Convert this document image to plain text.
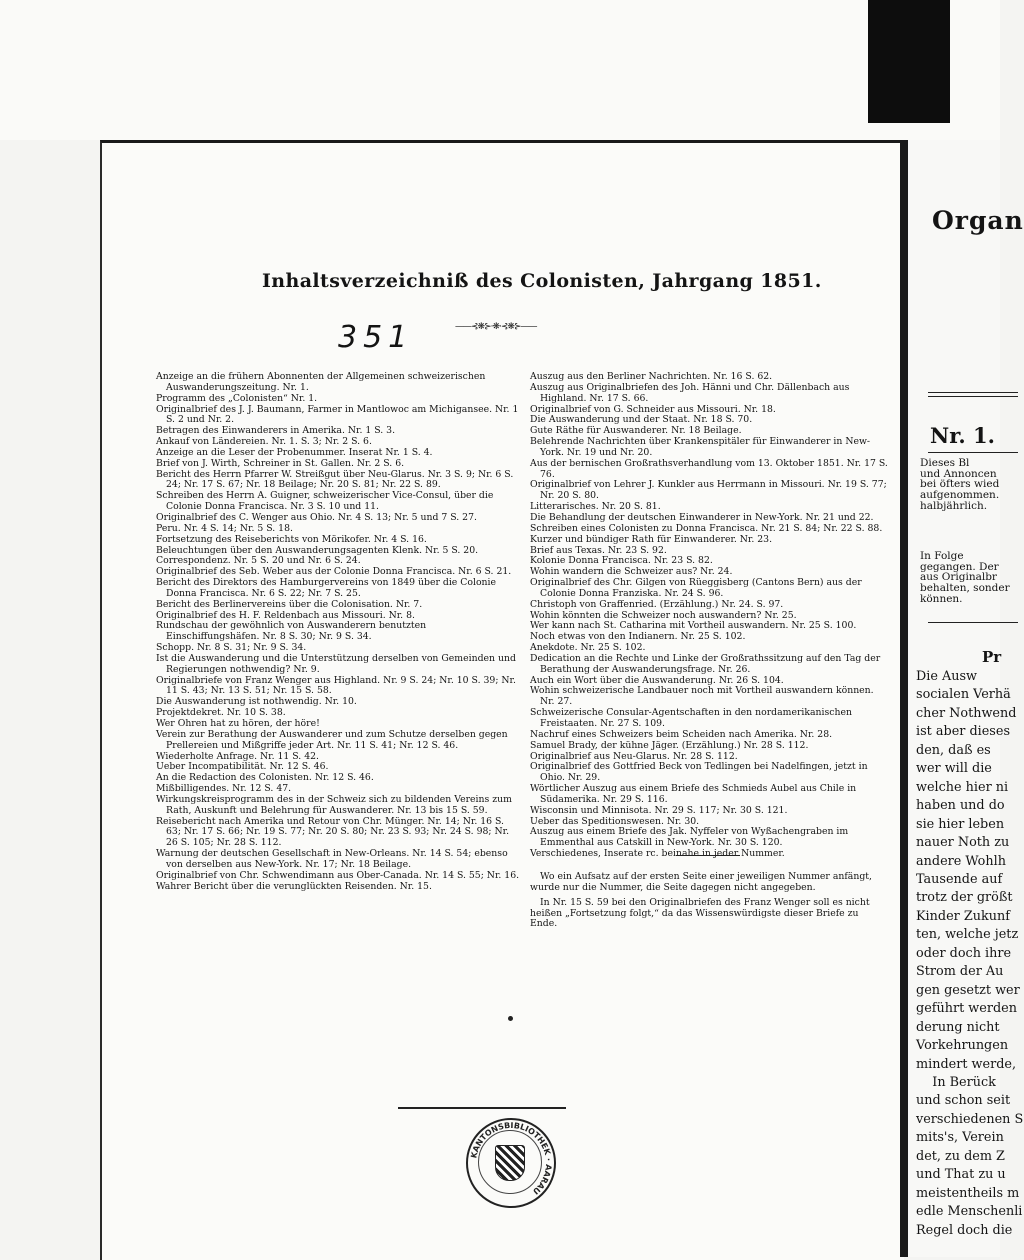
Organ
Nr. 1.
Dieses Bl
und Annoncen
bei öfters wied
aufgenommen.
halbjährlich.
In Folge
gegangen. Der
aus Originalbr
behalten, sonder
können.
Pr
Die Ausw
socialen Verhä
cher Nothwend
ist aber dieses
den, daß es
wer will die
welche hier ni
haben und do
sie hier leben
nauer Noth zu
andere Wohlh
Tausende auf
trotz der größt
Kinder Zukunf
ten, welche jetz
oder doch ihre
Strom der Au
gen gesetzt wer
geführt werden
derung nicht
Vorkehrungen
mindert werde,
In Berück
und schon seit
verschiedenen S
mits's, Verein
det, zu dem Z
und That zu u
meistentheils m
edle Menschenli
Regel doch die
Inhaltsverzeichniß des Colonisten, Jahrgang 1851.
351	——⊰❋⊱·❋·⊰❋⊱——
Anzeige an die frühern Abonnenten der Allgemeinen schweizerischen Auswanderungszeitung. Nr. 1.
Programm des „Colonisten“ Nr. 1.
Originalbrief des J. J. Baumann, Farmer in Mantlowoc am Michigansee. Nr. 1 S. 2 und Nr. 2.
Betragen des Einwanderers in Amerika. Nr. 1 S. 3.
Ankauf von Ländereien. Nr. 1. S. 3; Nr. 2 S. 6.
Anzeige an die Leser der Probenummer. Inserat Nr. 1 S. 4.
Brief von J. Wirth, Schreiner in St. Gallen. Nr. 2 S. 6.
Bericht des Herrn Pfarrer W. Streißgut über Neu-Glarus. Nr. 3 S. 9; Nr. 6 S. 24; Nr. 17 S. 67; Nr. 18 Beilage; Nr. 20 S. 81; Nr. 22 S. 89.
Schreiben des Herrn A. Guigner, schweizerischer Vice-Consul, über die Colonie Donna Francisca. Nr. 3 S. 10 und 11.
Originalbrief des C. Wenger aus Ohio. Nr. 4 S. 13; Nr. 5 und 7 S. 27.
Peru. Nr. 4 S. 14; Nr. 5 S. 18.
Fortsetzung des Reiseberichts von Mörikofer. Nr. 4 S. 16.
Beleuchtungen über den Auswanderungsagenten Klenk. Nr. 5 S. 20.
Correspondenz. Nr. 5 S. 20 und Nr. 6 S. 24.
Originalbrief des Seb. Weber aus der Colonie Donna Francisca. Nr. 6 S. 21.
Bericht des Direktors des Hamburgervereins von 1849 über die Colonie Donna Francisca. Nr. 6 S. 22; Nr. 7 S. 25.
Bericht des Berlinervereins über die Colonisation. Nr. 7.
Originalbrief des H. F. Reldenbach aus Missouri. Nr. 8.
Rundschau der gewöhnlich von Auswanderern benutzten Einschiffungshäfen. Nr. 8 S. 30; Nr. 9 S. 34.
Schopp. Nr. 8 S. 31; Nr. 9 S. 34.
Ist die Auswanderung und die Unterstützung derselben von Gemeinden und Regierungen nothwendig? Nr. 9.
Originalbriefe von Franz Wenger aus Highland. Nr. 9 S. 24; Nr. 10 S. 39; Nr. 11 S. 43; Nr. 13 S. 51; Nr. 15 S. 58.
Die Auswanderung ist nothwendig. Nr. 10.
Projektdekret. Nr. 10 S. 38.
Wer Ohren hat zu hören, der höre!
Verein zur Berathung der Auswanderer und zum Schutze derselben gegen Prellereien und Mißgriffe jeder Art. Nr. 11 S. 41; Nr. 12 S. 46.
Wiederholte Anfrage. Nr. 11 S. 42.
Ueber Incompatibilität. Nr. 12 S. 46.
An die Redaction des Colonisten. Nr. 12 S. 46.
Mißbilligendes. Nr. 12 S. 47.
Wirkungskreisprogramm des in der Schweiz sich zu bildenden Vereins zum Rath, Auskunft und Belehrung für Auswanderer. Nr. 13 bis 15 S. 59.
Reisebericht nach Amerika und Retour von Chr. Münger. Nr. 14; Nr. 16 S. 63; Nr. 17 S. 66; Nr. 19 S. 77; Nr. 20 S. 80; Nr. 23 S. 93; Nr. 24 S. 98; Nr. 26 S. 105; Nr. 28 S. 112.
Warnung der deutschen Gesellschaft in New-Orleans. Nr. 14 S. 54; ebenso von derselben aus New-York. Nr. 17; Nr. 18 Beilage.
Originalbrief von Chr. Schwendimann aus Ober-Canada. Nr. 14 S. 55; Nr. 16.
Wahrer Bericht über die verunglückten Reisenden. Nr. 15.
Auszug aus den Berliner Nachrichten. Nr. 16 S. 62.
Auszug aus Originalbriefen des Joh. Hänni und Chr. Dällenbach aus Highland. Nr. 17 S. 66.
Originalbrief von G. Schneider aus Missouri. Nr. 18.
Die Auswanderung und der Staat. Nr. 18 S. 70.
Gute Räthe für Auswanderer. Nr. 18 Beilage.
Belehrende Nachrichten über Krankenspitäler für Einwanderer in New-York. Nr. 19 und Nr. 20.
Aus der bernischen Großrathsverhandlung vom 13. Oktober 1851. Nr. 17 S. 76.
Originalbrief von Lehrer J. Kunkler aus Herrmann in Missouri. Nr. 19 S. 77; Nr. 20 S. 80.
Litterarisches. Nr. 20 S. 81.
Die Behandlung der deutschen Einwanderer in New-York. Nr. 21 und 22.
Schreiben eines Colonisten zu Donna Francisca. Nr. 21 S. 84; Nr. 22 S. 88.
Kurzer und bündiger Rath für Einwanderer. Nr. 23.
Brief aus Texas. Nr. 23 S. 92.
Kolonie Donna Francisca. Nr. 23 S. 82.
Wohin wandern die Schweizer aus? Nr. 24.
Originalbrief des Chr. Gilgen von Rüeggisberg (Cantons Bern) aus der Colonie Donna Franziska. Nr. 24 S. 96.
Christoph von Graffenried. (Erzählung.) Nr. 24. S. 97.
Wohin könnten die Schweizer noch auswandern? Nr. 25.
Wer kann nach St. Catharina mit Vortheil auswandern. Nr. 25 S. 100.
Noch etwas von den Indianern. Nr. 25 S. 102.
Anekdote. Nr. 25 S. 102.
Dedication an die Rechte und Linke der Großrathssitzung auf den Tag der Berathung der Auswanderungsfrage. Nr. 26.
Auch ein Wort über die Auswanderung. Nr. 26 S. 104.
Wohin schweizerische Landbauer noch mit Vortheil auswandern können. Nr. 27.
Schweizerische Consular-Agentschaften in den nordamerikanischen Freistaaten. Nr. 27 S. 109.
Nachruf eines Schweizers beim Scheiden nach Amerika. Nr. 28.
Samuel Brady, der kühne Jäger. (Erzählung.) Nr. 28 S. 112.
Originalbrief aus Neu-Glarus. Nr. 28 S. 112.
Originalbrief des Gottfried Beck von Tedlingen bei Nadelfingen, jetzt in Ohio. Nr. 29.
Wörtlicher Auszug aus einem Briefe des Schmieds Aubel aus Chile in Südamerika. Nr. 29 S. 116.
Wisconsin und Minnisota. Nr. 29 S. 117; Nr. 30 S. 121.
Ueber das Speditionswesen. Nr. 30.
Auszug aus einem Briefe des Jak. Nyffeler von Wyßachengraben im Emmenthal aus Catskill in New-York. Nr. 30 S. 120.
Verschiedenes, Inserate rc. beinahe in jeder Nummer.

Wo ein Aufsatz auf der ersten Seite einer jeweiligen Nummer anfängt, wurde nur die Nummer, die Seite dagegen nicht angegeben.

In Nr. 15 S. 59 bei den Originalbriefen des Franz Wenger soll es nicht heißen „Fortsetzung folgt,“ da das Wissenswürdigste dieser Briefe zu Ende.

KANTONSBIBLIOTHEK · AARAU
